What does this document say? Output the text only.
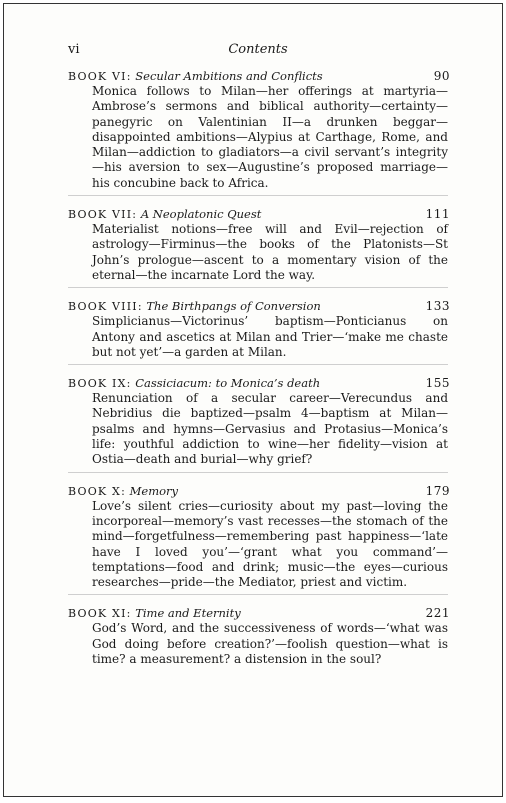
vi	Contents
BOOK VI: Secular Ambitions and Conflicts	90
Monica follows to Milan—her offerings at martyria—Ambrose’s sermons and biblical authority—certainty—panegyric on Valentinian II—a drunken beggar—disappointed ambitions—Alypius at Carthage, Rome, and Milan—addiction to gladiators—a civil servant’s integrity—his aversion to sex—Augustine’s proposed marriage—his concubine back to Africa.
BOOK VII: A Neoplatonic Quest	111
Materialist notions—free will and Evil—rejection of astrology—Firminus—the books of the Platonists—St John’s prologue—ascent to a momentary vision of the eternal—the incarnate Lord the way.
BOOK VIII: The Birthpangs of Conversion	133
Simplicianus—Victorinus’ baptism—Ponticianus on Antony and ascetics at Milan and Trier—‘make me chaste but not yet’—a garden at Milan.
BOOK IX: Cassiciacum: to Monica’s death	155
Renunciation of a secular career—Verecundus and Nebridius die baptized—psalm 4—baptism at Milan—psalms and hymns—Gervasius and Protasius—Monica’s life: youthful addiction to wine—her fidelity—vision at Ostia—death and burial—why grief?
BOOK X: Memory	179
Love’s silent cries—curiosity about my past—loving the incorporeal—memory’s vast recesses—the stomach of the mind—forgetfulness—remembering past happiness—‘late have I loved you’—‘grant what you command’—temptations—food and drink; music—the eyes—curious researches—pride—the Mediator, priest and victim.
BOOK XI: Time and Eternity	221
God’s Word, and the successiveness of words—‘what was God doing before creation?’—foolish question—what is time? a measurement? a distension in the soul?
